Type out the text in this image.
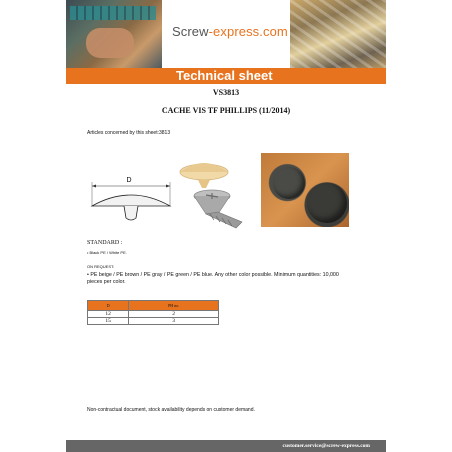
Screw-express.com
Technical sheet
VS3813
CACHE VIS TF PHILLIPS (11/2014)
Articles concerned by this sheet:3813
D
STANDARD :
• Black PE / White PE.
ON REQUEST:
• PE beige / PE brown / PE gray / PE green / PE blue. Any other color possible. Minimum quantities: 10,000 pieces per color.
D	PH no.
12	2
15	3
Non-contractual document, stock availability depends on customer demand.
customer.service@screw-express.com
